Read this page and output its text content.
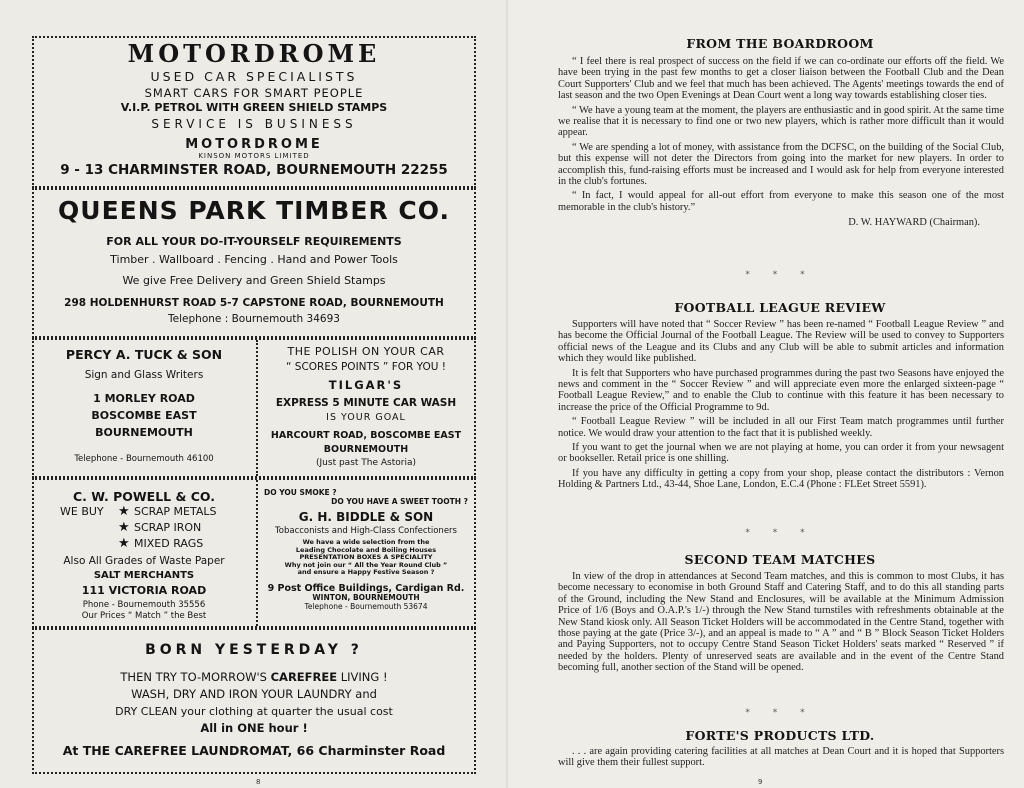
MOTORDROME
USED CAR SPECIALISTS
SMART CARS FOR SMART PEOPLE
V.I.P. PETROL WITH GREEN SHIELD STAMPS
SERVICE IS BUSINESS
MOTORDROME
KINSON MOTORS LIMITED
9 - 13 CHARMINSTER ROAD, BOURNEMOUTH 22255
QUEENS PARK TIMBER CO.
FOR ALL YOUR DO-IT-YOURSELF REQUIREMENTS
Timber . Wallboard . Fencing . Hand and Power Tools
We give Free Delivery and Green Shield Stamps
298 HOLDENHURST ROAD 5-7 CAPSTONE ROAD, BOURNEMOUTH
Telephone : Bournemouth 34693
PERCY A. TUCK & SON
Sign and Glass Writers
1 MORLEY ROAD
BOSCOMBE EAST
BOURNEMOUTH
Telephone - Bournemouth 46100
THE POLISH ON YOUR CAR
“ SCORES POINTS ” FOR YOU !
TILGAR'S
EXPRESS 5 MINUTE CAR WASH
IS YOUR GOAL
HARCOURT ROAD, BOSCOMBE EAST
BOURNEMOUTH
(Just past The Astoria)
C. W. POWELL & CO.
WE BUY ★ SCRAP METALS
★ SCRAP IRON
★ MIXED RAGS
Also All Grades of Waste Paper
SALT MERCHANTS
111 VICTORIA ROAD
Phone - Bournemouth 35556
Our Prices “ Match ” the Best
DO YOU SMOKE ?
DO YOU HAVE A SWEET TOOTH ?
G. H. BIDDLE & SON
Tobacconists and High-Class Confectioners
We have a wide selection from the
Leading Chocolate and Boiling Houses
PRESENTATION BOXES A SPECIALITY
Why not join our “ All the Year Round Club ”
and ensure a Happy Festive Season ?
9 Post Office Buildings, Cardigan Rd.
WINTON, BOURNEMOUTH
Telephone - Bournemouth 53674
BORN YESTERDAY ?
THEN TRY TO-MORROW'S CAREFREE LIVING !
WASH, DRY AND IRON YOUR LAUNDRY and
DRY CLEAN your clothing at quarter the usual cost
All in ONE hour !
At THE CAREFREE LAUNDROMAT, 66 Charminster Road
8
FROM THE BOARDROOM

“ I feel there is real prospect of success on the field if we can co-ordinate our efforts off the field. We have been trying in the past few months to get a closer liaison between the Football Club and the Dean Court Supporters' Club and we feel that much has been achieved. The Agents' meetings towards the end of last season and the two Open Evenings at Dean Court went a long way towards establishing closer ties.

“ We have a young team at the moment, the players are enthusiastic and in good spirit. At the same time we realise that it is necessary to find one or two new players, which is rather more difficult than it would appear.

“ We are spending a lot of money, with assistance from the DCFSC, on the building of the Social Club, but this expense will not deter the Directors from going into the market for new players. In order to accomplish this, fund-raising efforts must be increased and I would ask for help from everyone interested in the club's fortunes.

“ In fact, I would appeal for all-out effort from everyone to make this season one of the most memorable in the club's history.”

D. W. HAYWARD (Chairman).

* * *
FOOTBALL LEAGUE REVIEW

Supporters will have noted that “ Soccer Review ” has been re-named “ Football League Review ” and has become the Official Journal of the Football League. The Review will be used to convey to Supporters official news of the League and its Clubs and any Club will be able to submit articles and information which they would like published.

It is felt that Supporters who have purchased programmes during the past two Seasons have enjoyed the news and comment in the “ Soccer Review ” and will appreciate even more the enlarged sixteen-page “ Football League Review,” and to enable the Club to continue with this feature it has been necessary to increase the price of the Official Programme to 9d.

“ Football League Review ” will be included in all our First Team match programmes until further notice. We would draw your attention to the fact that it is published weekly.

If you want to get the journal when we are not playing at home, you can order it from your newsagent or bookseller. Retail price is one shilling.

If you have any difficulty in getting a copy from your shop, please contact the distributors : Vernon Holding & Partners Ltd., 43-44, Shoe Lane, London, E.C.4 (Phone : FLEet Street 5591).

* * *
SECOND TEAM MATCHES

In view of the drop in attendances at Second Team matches, and this is common to most Clubs, it has become necessary to economise in both Ground Staff and Catering Staff, and to do this all standing parts of the Ground, including the New Stand and Enclosures, will be available at the Minimum Admission Price of 1/6 (Boys and O.A.P.'s 1/-) through the New Stand turnstiles with refreshments obtainable at the New Stand kiosk only. All Season Ticket Holders will be accommodated in the Centre Stand, together with those paying at the gate (Price 3/-), and an appeal is made to “ A ” and “ B ” Block Season Ticket Holders and Paying Supporters, not to occupy Centre Stand Season Ticket Holders' seats marked “ Reserved ” if needed by the holders. Plenty of unreserved seats are available and in the event of the Centre Stand becoming full, another section of the Stand will be opened.

* * *
FORTE'S PRODUCTS LTD.

. . . are again providing catering facilities at all matches at Dean Court and it is hoped that Supporters will give them their fullest support.

9
